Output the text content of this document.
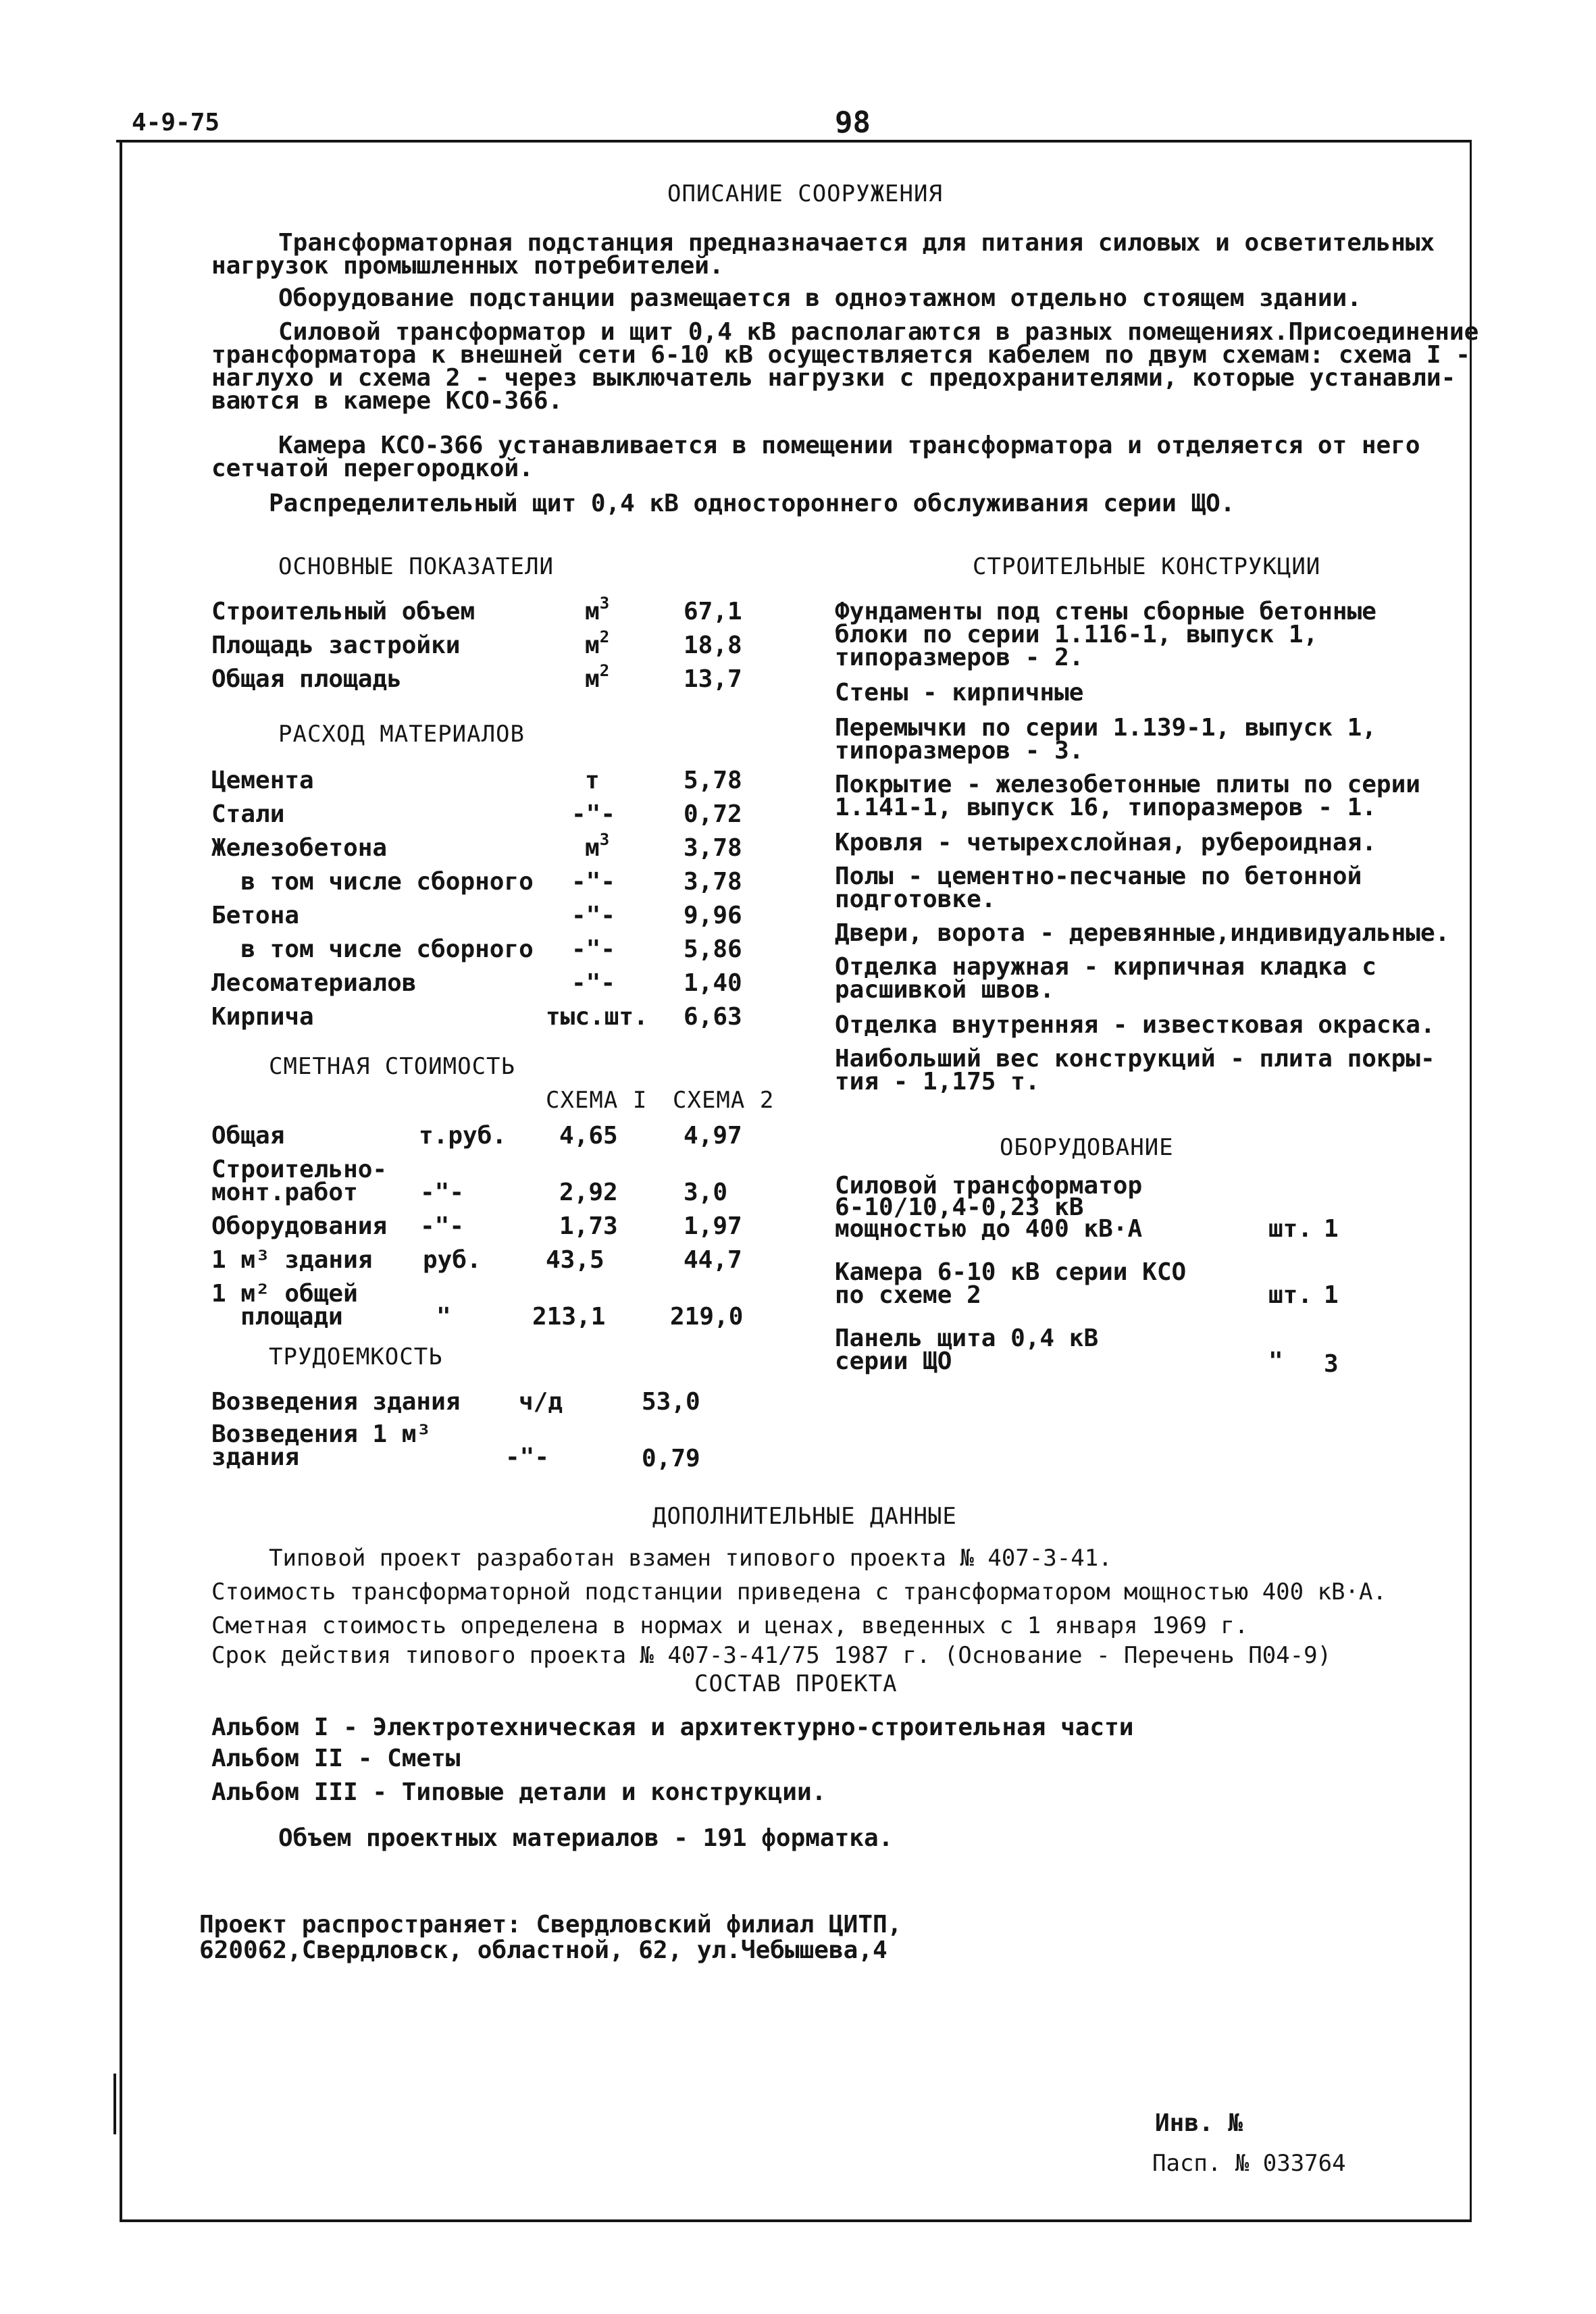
4-9-75	98
ОПИСАНИЕ СООРУЖЕНИЯ
Трансформаторная подстанция предназначается для питания силовых и осветительных
нагрузок промышленных потребителей.
Оборудование подстанции размещается в одноэтажном отдельно стоящем здании.
Силовой трансформатор и щит 0,4 кВ располагаются в разных помещениях.Присоединение
трансформатора к внешней сети 6-10 кВ осуществляется кабелем по двум схемам: схема I -
наглухо и схема 2 - через выключатель нагрузки с предохранителями, которые устанавли-
ваются в камере КСО-366.
Камера КСО-366 устанавливается в помещении трансформатора и отделяется от него
сетчатой перегородкой.
Распределительный щит 0,4 кВ одностороннего обслуживания серии ЩО.
ОСНОВНЫЕ ПОКАЗАТЕЛИ
Строительный объем	$м^3$	67,1
Площадь застройки	$м^2$	18,8
Общая площадь	$м^2$	13,7
РАСХОД МАТЕРИАЛОВ
Цемента	т	5,78
Стали	-"-	0,72
Железобетона	$м^3$	3,78
в том числе сборного -"-	3,78
Бетона	-"-	9,96
в том числе сборного -"-	5,86
Лесоматериалов	-"-	1,40
Кирпича	тыс.шт. 6,63
СМЕТНАЯ СТОИМОСТЬ
СХЕМА I СХЕМА 2
Общая	т.руб. 4,65	4,97
Строительно-
монт.работ	-"-	2,92	3,0
Оборудования -"-	1,73	1,97
1 м³ здания руб.	43,5	44,7
1 м² общей
площади	"	213,1	219,0
ТРУДОЕМКОСТЬ
Возведения здания ч/д	53,0
Возведения 1 м³
здания	-"-	0,79
СТРОИТЕЛЬНЫЕ КОНСТРУКЦИИ
Фундаменты под стены сборные бетонные
блоки по серии 1.116-1, выпуск 1,
типоразмеров - 2.
Стены - кирпичные
Перемычки по серии 1.139-1, выпуск 1,
типоразмеров - 3.
Покрытие - железобетонные плиты по серии
1.141-1, выпуск 16, типоразмеров - 1.
Кровля - четырехслойная, рубероидная.
Полы - цементно-песчаные по бетонной
подготовке.
Двери, ворота - деревянные,индивидуальные.
Отделка наружная - кирпичная кладка с
расшивкой швов.
Отделка внутренняя - известковая окраска.
Наибольший вес конструкций - плита покры-
тия - 1,175 т.
ОБОРУДОВАНИЕ
Силовой трансформатор
6-10/10,4-0,23 кВ
мощностью до 400 кВ·А	шт. 1
Камера 6-10 кВ серии КСО
по схеме 2	шт. 1
Панель щита 0,4 кВ
серии ЩО	" 3
ДОПОЛНИТЕЛЬНЫЕ ДАННЫЕ
Типовой проект разработан взамен типового проекта № 407-3-41.
Стоимость трансформаторной подстанции приведена с трансформатором мощностью 400 кВ·А.
Сметная стоимость определена в нормах и ценах, введенных с 1 января 1969 г.
Срок действия типового проекта № 407-3-41/75 1987 г. (Основание - Перечень П04-9)
СОСТАВ ПРОЕКТА
Альбом I - Электротехническая и архитектурно-строительная части
Альбом II - Сметы
Альбом III - Типовые детали и конструкции.
Объем проектных материалов - 191 форматка.
Проект распространяет: Свердловский филиал ЦИТП,
620062,Свердловск, областной, 62, ул.Чебышева,4
Инв. №
Пасп. № 033764
